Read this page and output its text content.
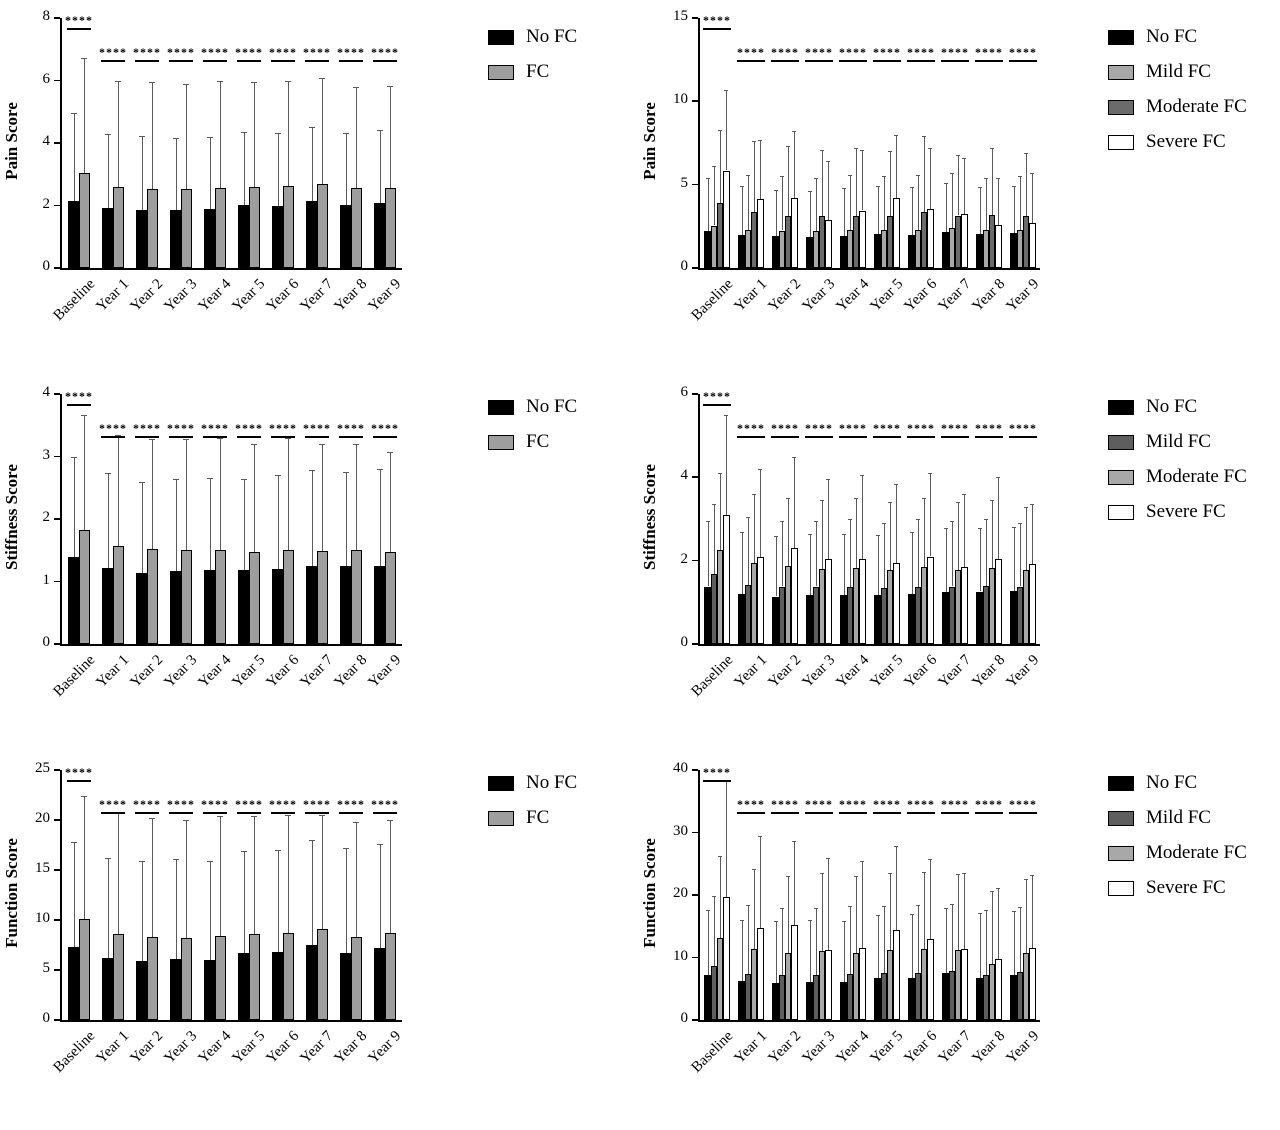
Pain Score
0
2
4
6
8
Baseline
****
Year 1
****
Year 2
****
Year 3
****
Year 4
****
Year 5
****
Year 6
****
Year 7
****
Year 8
****
Year 9
****
No FC
FC
Pain Score
0
5
10
15
Baseline
****
Year 1
****
Year 2
****
Year 3
****
Year 4
****
Year 5
****
Year 6
****
Year 7
****
Year 8
****
Year 9
****
No FC
Mild FC
Moderate FC
Severe FC
Stiffness Score
0
1
2
3
4
Baseline
****
Year 1
****
Year 2
****
Year 3
****
Year 4
****
Year 5
****
Year 6
****
Year 7
****
Year 8
****
Year 9
****
No FC
FC
Stiffness Score
0
2
4
6
Baseline
****
Year 1
****
Year 2
****
Year 3
****
Year 4
****
Year 5
****
Year 6
****
Year 7
****
Year 8
****
Year 9
****
No FC
Mild FC
Moderate FC
Severe FC
Function Score
0
5
10
15
20
25
Baseline
****
Year 1
****
Year 2
****
Year 3
****
Year 4
****
Year 5
****
Year 6
****
Year 7
****
Year 8
****
Year 9
****
No FC
FC
Function Score
0
10
20
30
40
Baseline
****
Year 1
****
Year 2
****
Year 3
****
Year 4
****
Year 5
****
Year 6
****
Year 7
****
Year 8
****
Year 9
****
No FC
Mild FC
Moderate FC
Severe FC
